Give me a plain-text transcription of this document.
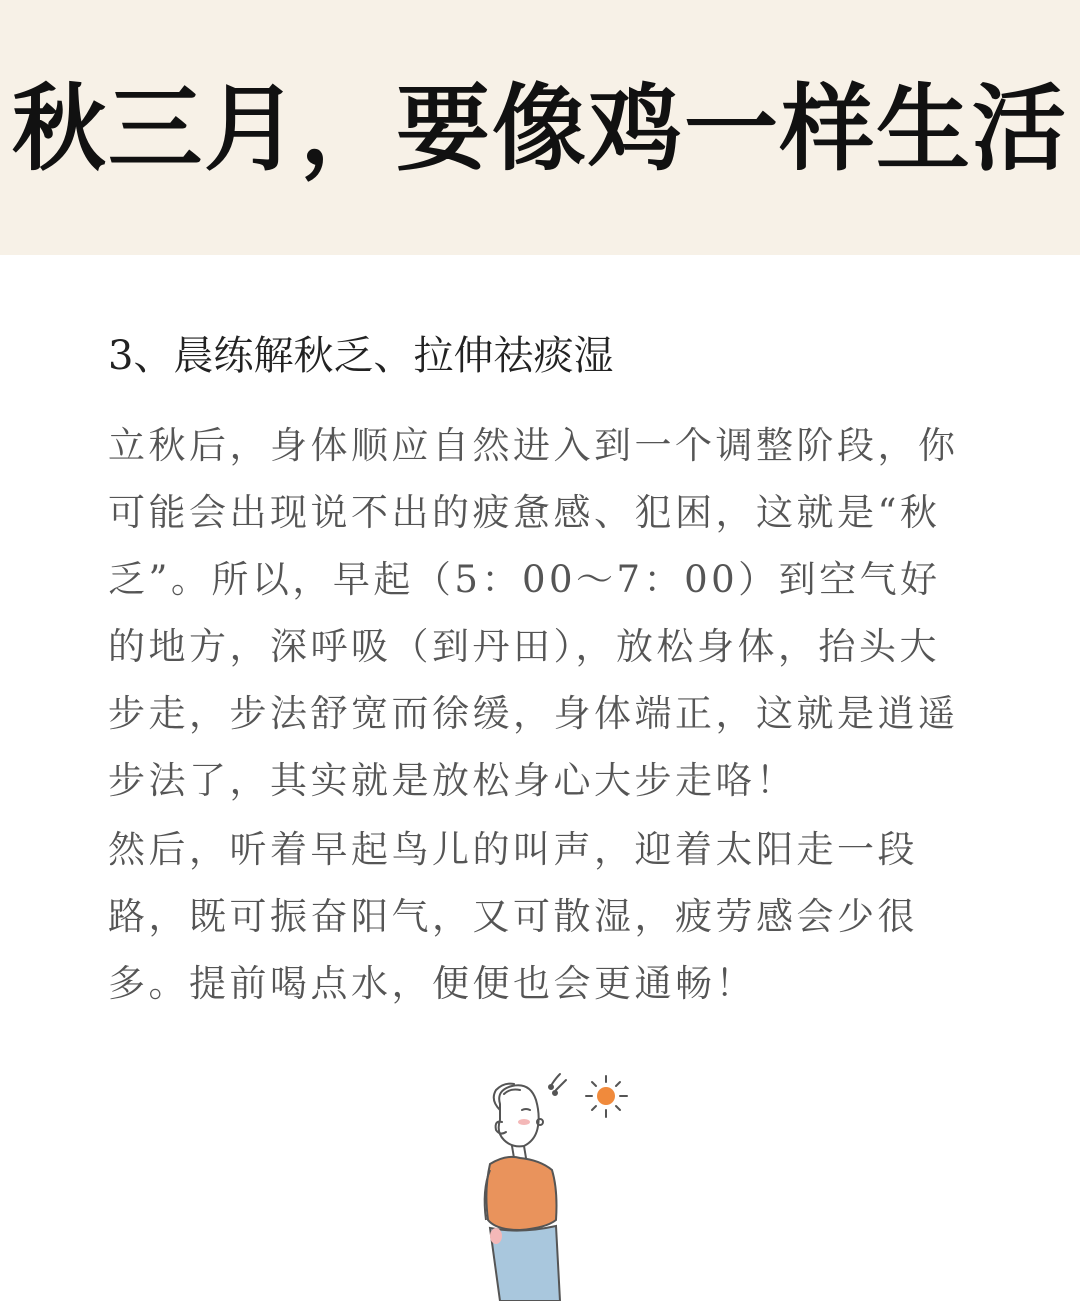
秋三月，要像鸡一样生活
3、晨练解秋乏、拉伸祛痰湿

立秋后，身体顺应自然进入到一个调整阶段，你可能会出现说不出的疲惫感、犯困，这就是“秋乏”。所以，早起（5：00～7：00）到空气好的地方，深呼吸（到丹田），放松身体，抬头大步走，步法舒宽而徐缓，身体端正，这就是逍遥步法了，其实就是放松身心大步走咯！

然后，听着早起鸟儿的叫声，迎着太阳走一段路，既可振奋阳气，又可散湿，疲劳感会少很多。提前喝点水，便便也会更通畅！
